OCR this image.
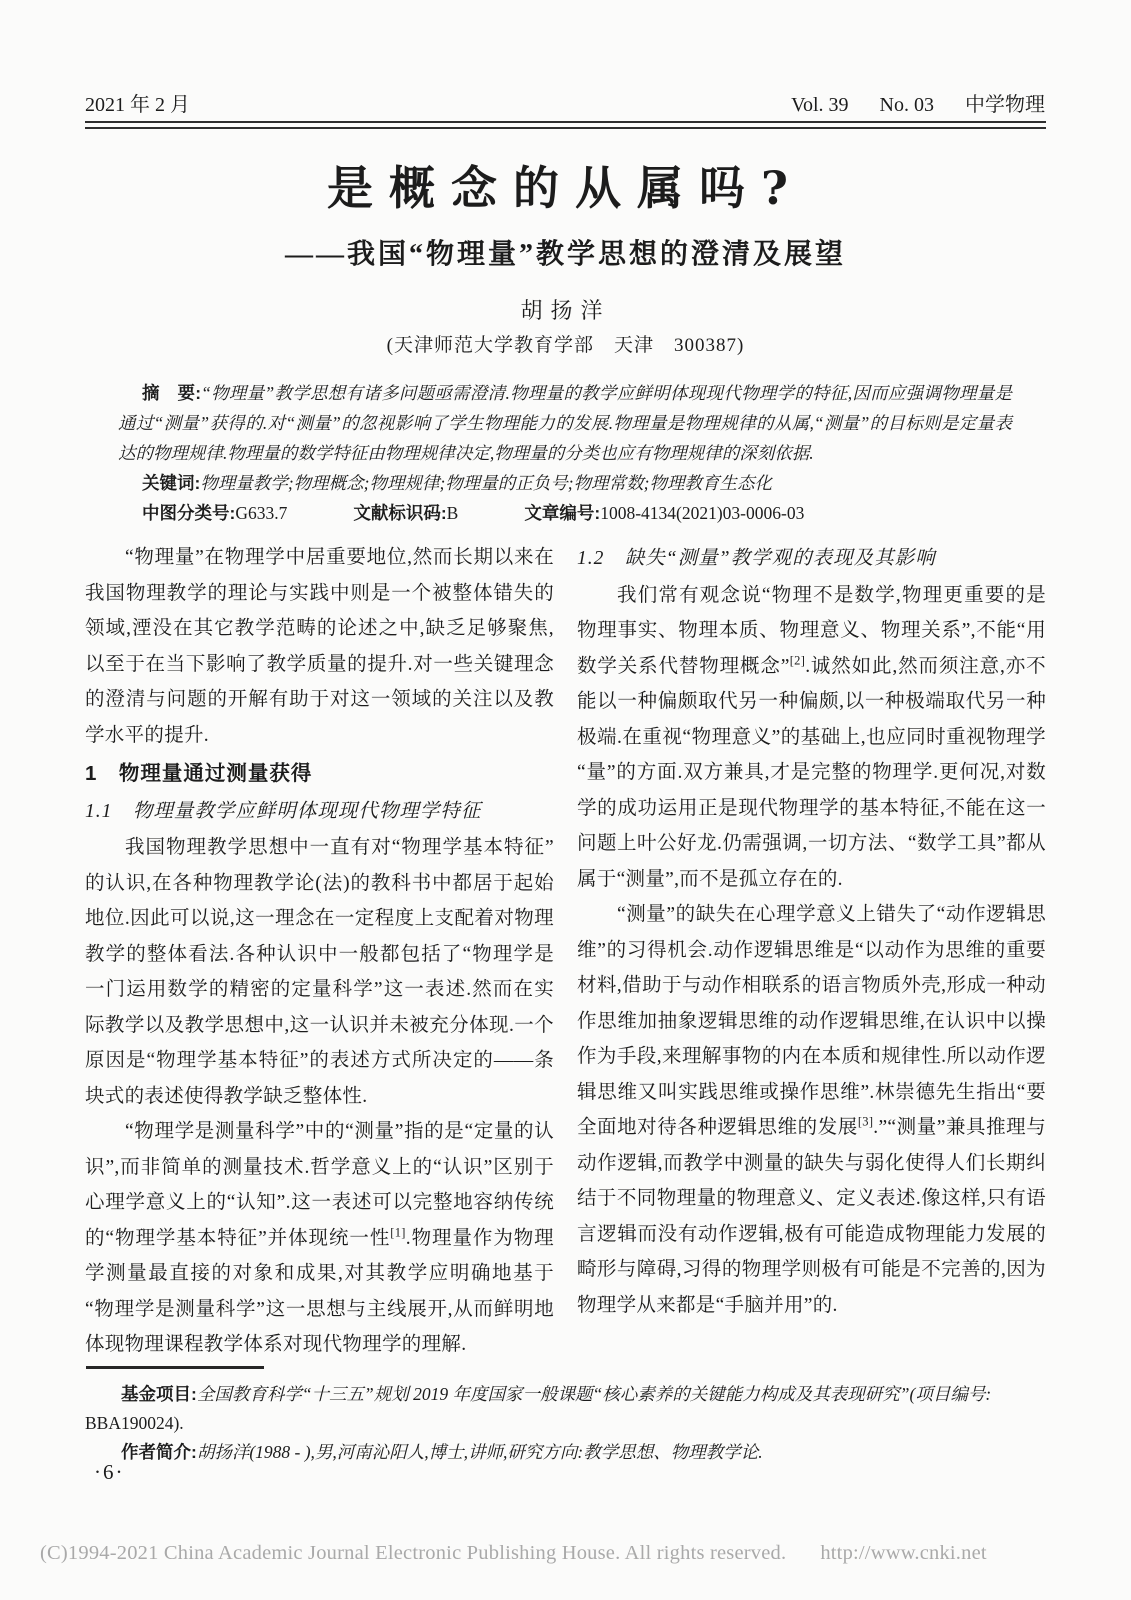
2021 年 2 月	Vol. 39 No. 03 中学物理
是概念的从属吗?
——我国“物理量”教学思想的澄清及展望
胡扬洋
(天津师范大学教育学部　天津　300387)

摘　要:“物理量”教学思想有诸多问题亟需澄清.物理量的教学应鲜明体现现代物理学的特征,因而应强调物理量是通过“测量”获得的.对“测量”的忽视影响了学生物理能力的发展.物理量是物理规律的从属,“测量”的目标则是定量表达的物理规律.物理量的数学特征由物理规律决定,物理量的分类也应有物理规律的深刻依据.

关键词:物理量教学;物理概念;物理规律;物理量的正负号;物理常数;物理教育生态化

中图分类号:G633.7	文献标识码:B	文章编号:1008-4134(2021)03-0006-03

“物理量”在物理学中居重要地位,然而长期以来在我国物理教学的理论与实践中则是一个被整体错失的领域,湮没在其它教学范畴的论述之中,缺乏足够聚焦,以至于在当下影响了教学质量的提升.对一些关键理念的澄清与问题的开解有助于对这一领域的关注以及教学水平的提升.

1　物理量通过测量获得
1.1　物理量教学应鲜明体现现代物理学特征

我国物理教学思想中一直有对“物理学基本特征”的认识,在各种物理教学论(法)的教科书中都居于起始地位.因此可以说,这一理念在一定程度上支配着对物理教学的整体看法.各种认识中一般都包括了“物理学是一门运用数学的精密的定量科学”这一表述.然而在实际教学以及教学思想中,这一认识并未被充分体现.一个原因是“物理学基本特征”的表述方式所决定的——条块式的表述使得教学缺乏整体性.

“物理学是测量科学”中的“测量”指的是“定量的认识”,而非简单的测量技术.哲学意义上的“认识”区别于心理学意义上的“认知”.这一表述可以完整地容纳传统的“物理学基本特征”并体现统一性[1].物理量作为物理学测量最直接的对象和成果,对其教学应明确地基于“物理学是测量科学”这一思想与主线展开,从而鲜明地体现物理课程教学体系对现代物理学的理解.

1.2　缺失“测量”教学观的表现及其影响

我们常有观念说“物理不是数学,物理更重要的是物理事实、物理本质、物理意义、物理关系”,不能“用数学关系代替物理概念”[2].诚然如此,然而须注意,亦不能以一种偏颇取代另一种偏颇,以一种极端取代另一种极端.在重视“物理意义”的基础上,也应同时重视物理学“量”的方面.双方兼具,才是完整的物理学.更何况,对数学的成功运用正是现代物理学的基本特征,不能在这一问题上叶公好龙.仍需强调,一切方法、“数学工具”都从属于“测量”,而不是孤立存在的.

“测量”的缺失在心理学意义上错失了“动作逻辑思维”的习得机会.动作逻辑思维是“以动作为思维的重要材料,借助于与动作相联系的语言物质外壳,形成一种动作思维加抽象逻辑思维的动作逻辑思维,在认识中以操作为手段,来理解事物的内在本质和规律性.所以动作逻辑思维又叫实践思维或操作思维”.林崇德先生指出“要全面地对待各种逻辑思维的发展[3].”“测量”兼具推理与动作逻辑,而教学中测量的缺失与弱化使得人们长期纠结于不同物理量的物理意义、定义表述.像这样,只有语言逻辑而没有动作逻辑,极有可能造成物理能力发展的畸形与障碍,习得的物理学则极有可能是不完善的,因为物理学从来都是“手脑并用”的.

基金项目:全国教育科学“十三五”规划 2019 年度国家一般课题“核心素养的关键能力构成及其表现研究”(项目编号:

BBA190024).

作者简介:胡扬洋(1988 - ),男,河南沁阳人,博士,讲师,研究方向:教学思想、物理教学论.

·6·
(C)1994-2021 China Academic Journal Electronic Publishing House. All rights reserved. http://www.cnki.net
